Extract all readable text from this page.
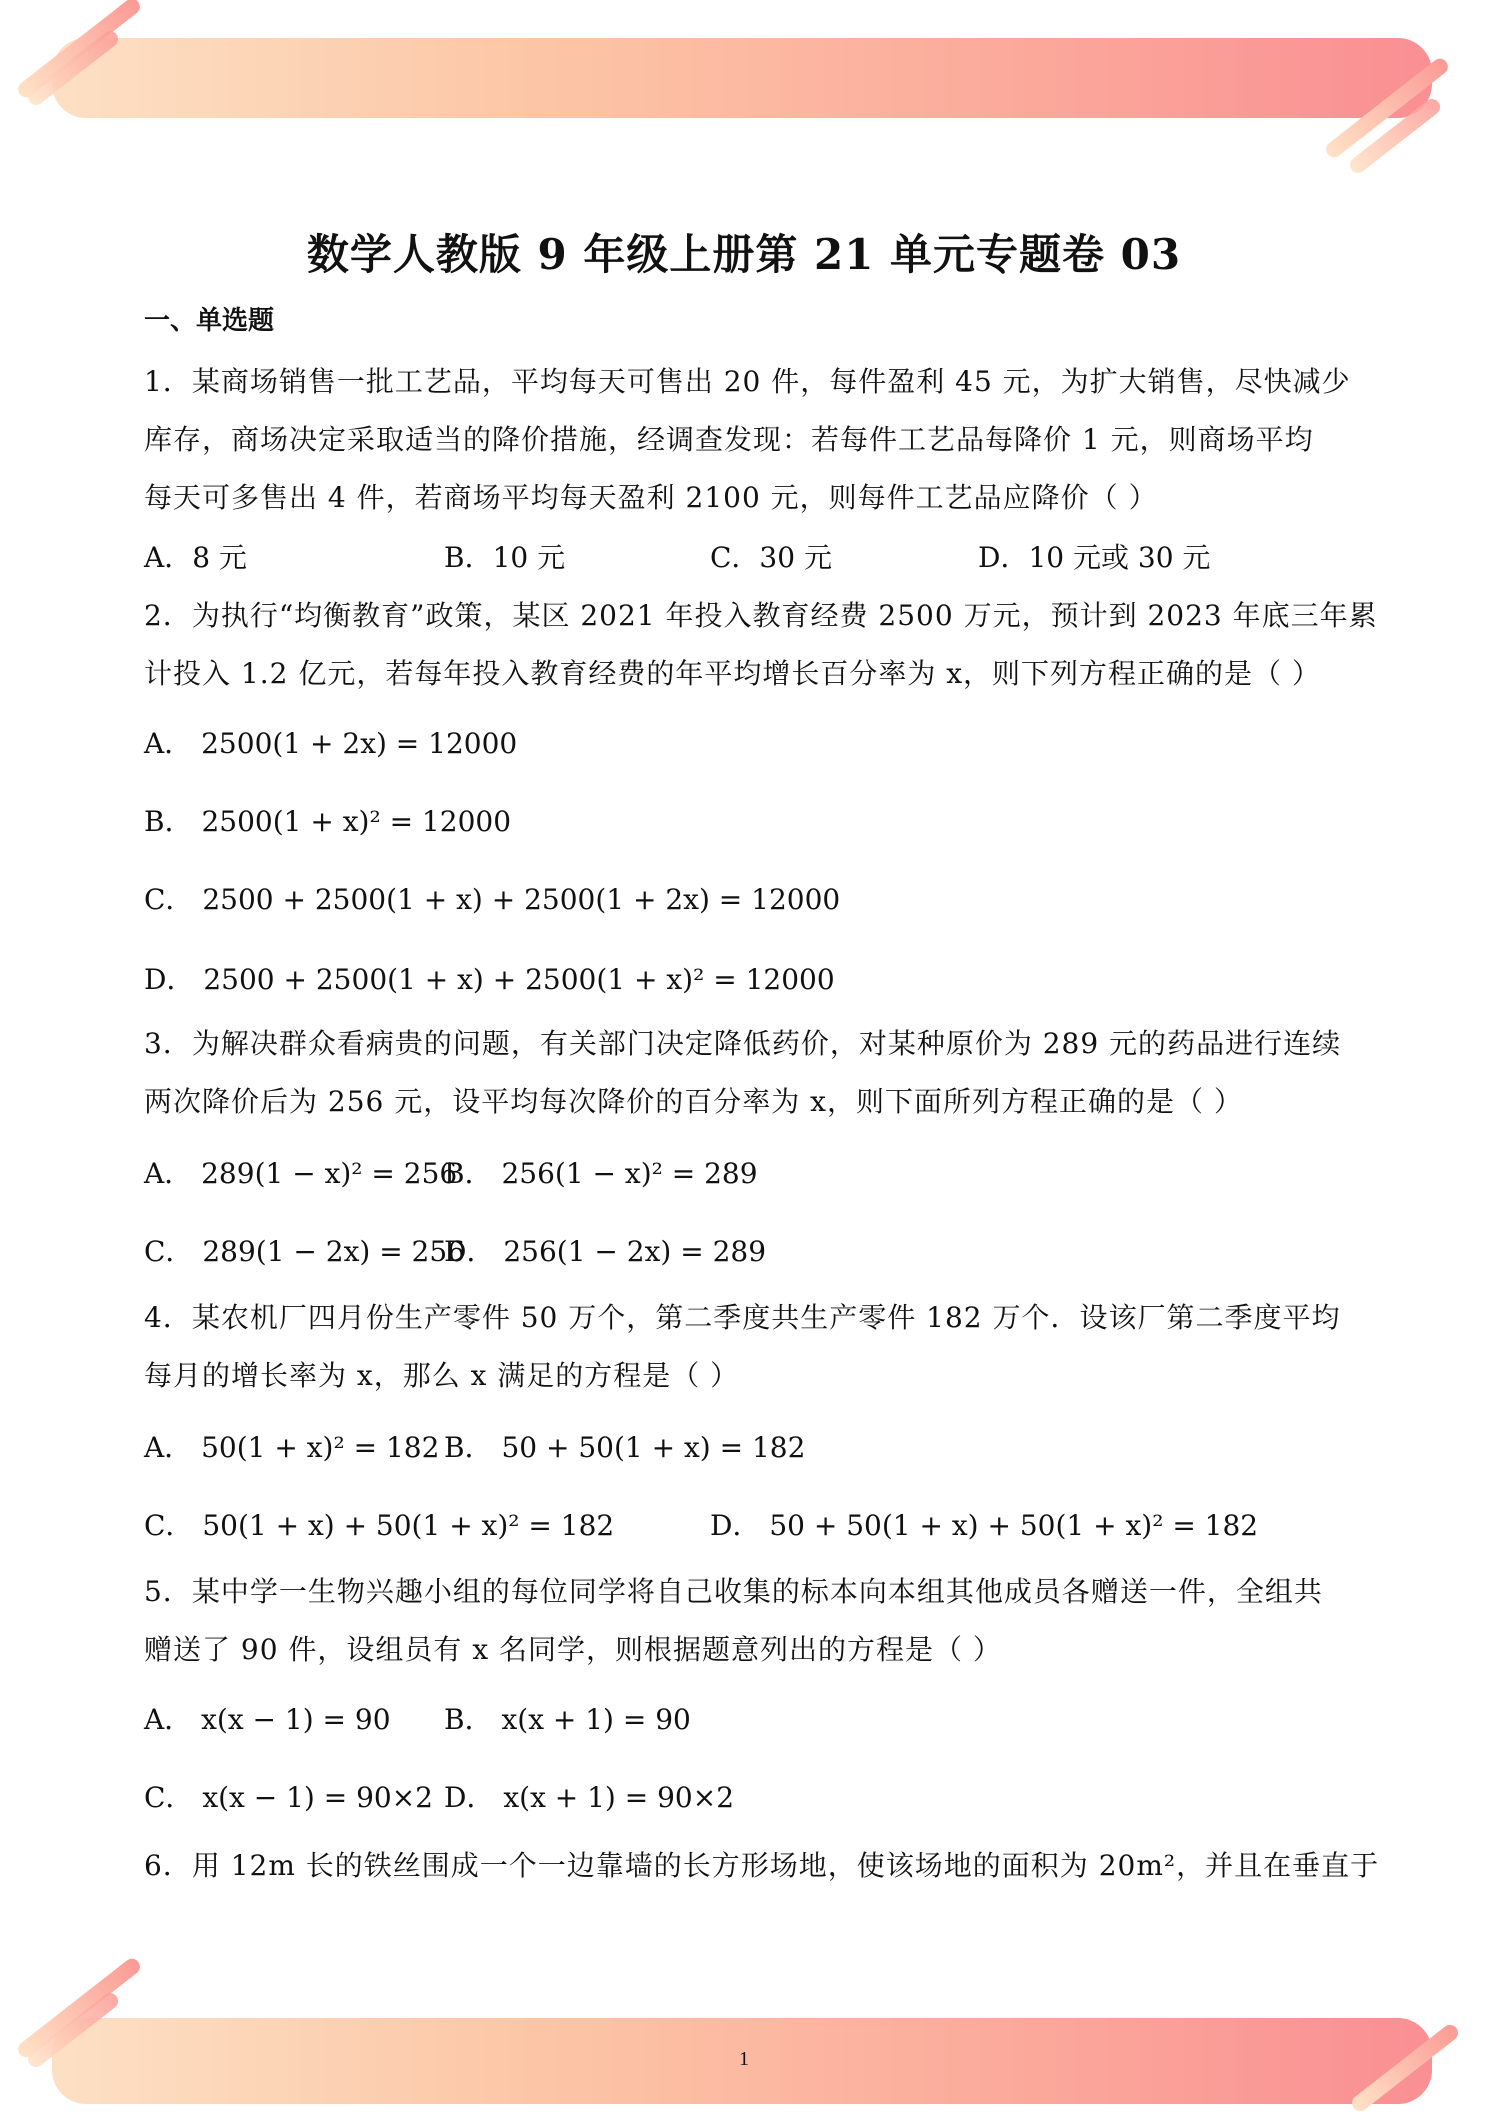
数学人教版 9 年级上册第 21 单元专题卷 03
一、单选题
1．某商场销售一批工艺品，平均每天可售出 20 件，每件盈利 45 元，为扩大销售，尽快减少
库存，商场决定采取适当的降价措施，经调查发现：若每件工艺品每降价 1 元，则商场平均
每天可多售出 4 件，若商场平均每天盈利 2100 元，则每件工艺品应降价（ ）
A．8 元	B．10 元	C．30 元	D．10 元或 30 元
2．为执行“均衡教育”政策，某区 2021 年投入教育经费 2500 万元，预计到 2023 年底三年累
计投入 1.2 亿元，若每年投入教育经费的年平均增长百分率为 x，则下列方程正确的是（ ）
A． 2500(1 + 2x) = 12000
B． 2500(1 + x)² = 12000
C． 2500 + 2500(1 + x) + 2500(1 + 2x) = 12000
D． 2500 + 2500(1 + x) + 2500(1 + x)² = 12000
3．为解决群众看病贵的问题，有关部门决定降低药价，对某种原价为 289 元的药品进行连续
两次降价后为 256 元，设平均每次降价的百分率为 x，则下面所列方程正确的是（ ）
A． 289(1 − x)² = 256
B． 256(1 − x)² = 289
C． 289(1 − 2x) = 256
D． 256(1 − 2x) = 289
4．某农机厂四月份生产零件 50 万个，第二季度共生产零件 182 万个．设该厂第二季度平均
每月的增长率为 x，那么 x 满足的方程是（ ）
A． 50(1 + x)² = 182 B． 50 + 50(1 + x) = 182
C． 50(1 + x) + 50(1 + x)² = 182	D． 50 + 50(1 + x) + 50(1 + x)² = 182
5．某中学一生物兴趣小组的每位同学将自己收集的标本向本组其他成员各赠送一件，全组共
赠送了 90 件，设组员有 x 名同学，则根据题意列出的方程是（ ）
A． x(x − 1) = 90 B． x(x + 1) = 90
C． x(x − 1) = 90×2 D． x(x + 1) = 90×2
6．用 12m 长的铁丝围成一个一边靠墙的长方形场地，使该场地的面积为 20m²，并且在垂直于
1
